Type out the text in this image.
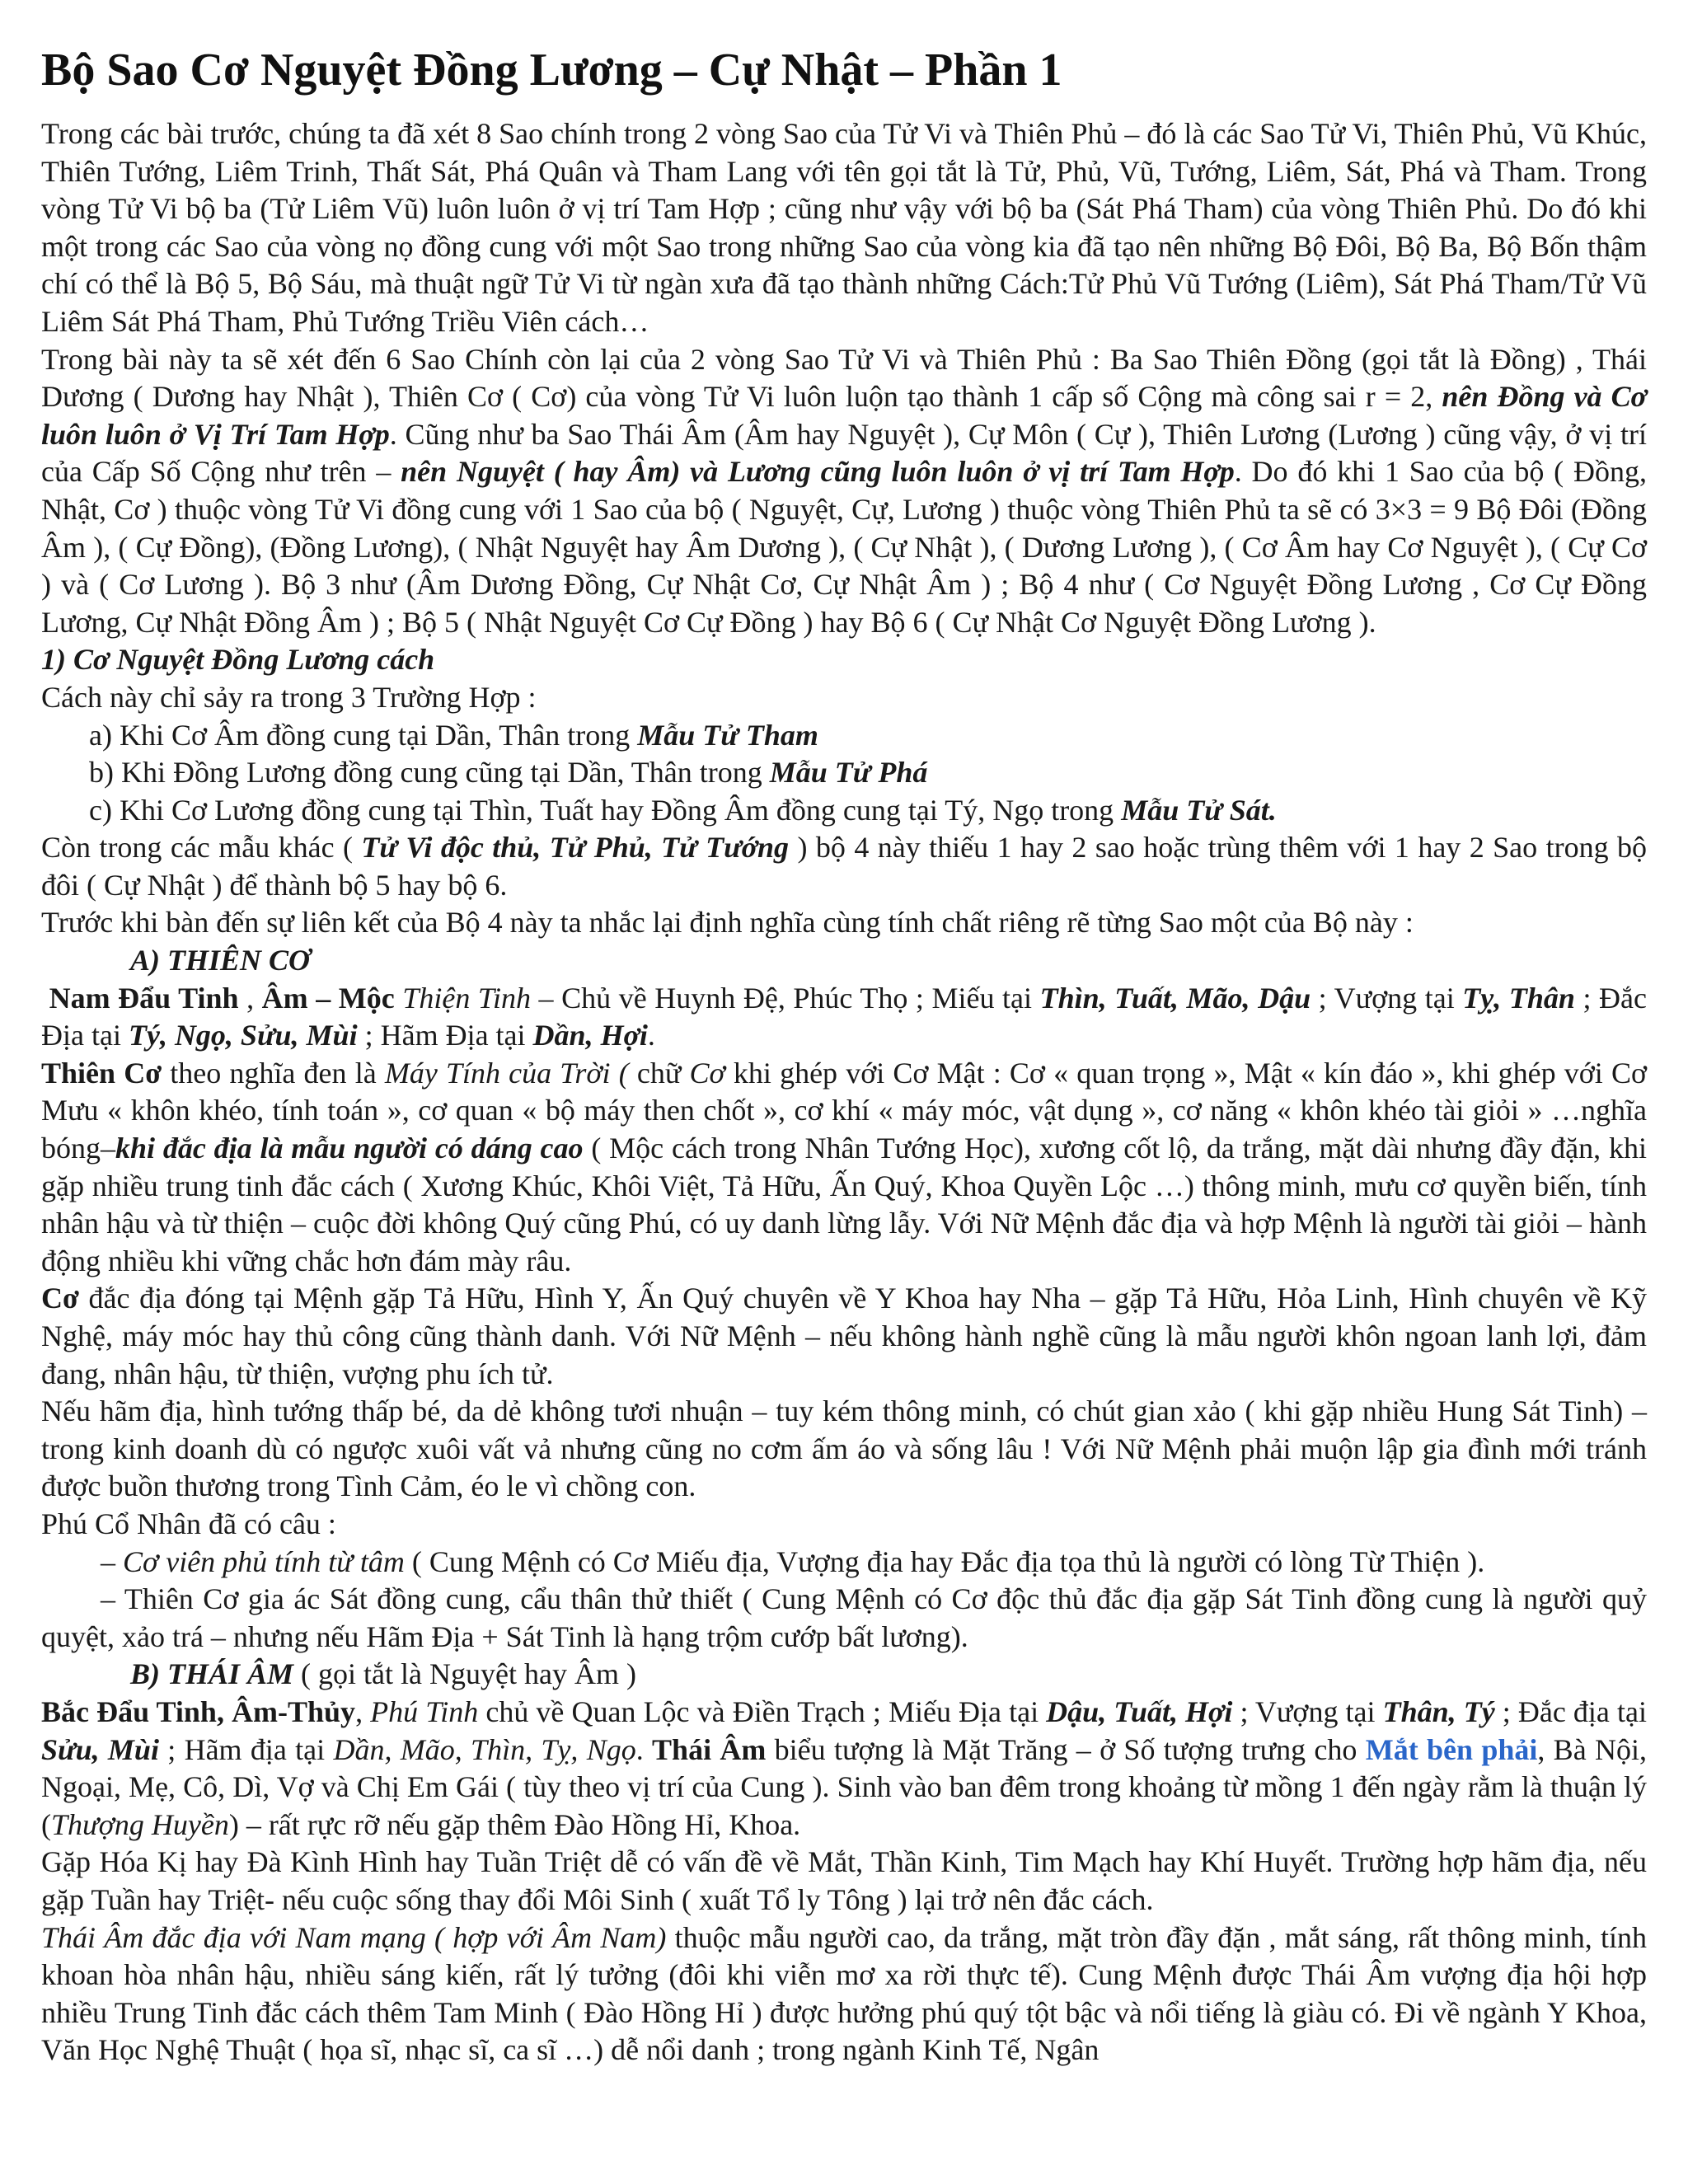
Bộ Sao Cơ Nguyệt Đồng Lương – Cự Nhật – Phần 1

Trong các bài trước, chúng ta đã xét 8 Sao chính trong 2 vòng Sao của Tử Vi và Thiên Phủ – đó là các Sao Tử Vi, Thiên Phủ, Vũ Khúc, Thiên Tướng, Liêm Trinh, Thất Sát, Phá Quân và Tham Lang với tên gọi tắt là Tử, Phủ, Vũ, Tướng, Liêm, Sát, Phá và Tham. Trong vòng Tử Vi bộ ba (Tử Liêm Vũ) luôn luôn ở vị trí Tam Hợp ; cũng như vậy với bộ ba (Sát Phá Tham) của vòng Thiên Phủ. Do đó khi một trong các Sao của vòng nọ đồng cung với một Sao trong những Sao của vòng kia đã tạo nên những Bộ Đôi, Bộ Ba, Bộ Bốn thậm chí có thể là Bộ 5, Bộ Sáu, mà thuật ngữ Tử Vi từ ngàn xưa đã tạo thành những Cách:Tử Phủ Vũ Tướng (Liêm), Sát Phá Tham/Tử Vũ Liêm Sát Phá Tham, Phủ Tướng Triều Viên cách…

Trong bài này ta sẽ xét đến 6 Sao Chính còn lại của 2 vòng Sao Tử Vi và Thiên Phủ : Ba Sao Thiên Đồng (gọi tắt là Đồng) , Thái Dương ( Dương hay Nhật ), Thiên Cơ ( Cơ) của vòng Tử Vi luôn luộn tạo thành 1 cấp số Cộng mà công sai r = 2, nên Đồng và Cơ luôn luôn ở Vị Trí Tam Hợp. Cũng như ba Sao Thái Âm (Âm hay Nguyệt ), Cự Môn ( Cự ), Thiên Lương (Lương ) cũng vậy, ở vị trí của Cấp Số Cộng như trên – nên Nguyệt ( hay Âm) và Lương cũng luôn luôn ở vị trí Tam Hợp. Do đó khi 1 Sao của bộ ( Đồng, Nhật, Cơ ) thuộc vòng Tử Vi đồng cung với 1 Sao của bộ ( Nguyệt, Cự, Lương ) thuộc vòng Thiên Phủ ta sẽ có 3×3 = 9 Bộ Đôi (Đồng Âm ), ( Cự Đồng), (Đồng Lương), ( Nhật Nguyệt hay Âm Dương ), ( Cự Nhật ), ( Dương Lương ), ( Cơ Âm hay Cơ Nguyệt ), ( Cự Cơ ) và ( Cơ Lương ). Bộ 3 như (Âm Dương Đồng, Cự Nhật Cơ, Cự Nhật Âm ) ; Bộ 4 như ( Cơ Nguyệt Đồng Lương , Cơ Cự Đồng Lương, Cự Nhật Đồng Âm ) ; Bộ 5 ( Nhật Nguyệt Cơ Cự Đồng ) hay Bộ 6 ( Cự Nhật Cơ Nguyệt Đồng Lương ).

1) Cơ Nguyệt Đồng Lương cách

Cách này chỉ sảy ra trong 3 Trường Hợp :

a) Khi Cơ Âm đồng cung tại Dần, Thân trong Mẫu Tử Tham

b) Khi Đồng Lương đồng cung cũng tại Dần, Thân trong Mẫu Tử Phá

c) Khi Cơ Lương đồng cung tại Thìn, Tuất hay Đồng Âm đồng cung tại Tý, Ngọ trong Mẫu Tử Sát.

Còn trong các mẫu khác ( Tử Vi độc thủ, Tử Phủ, Tử Tướng ) bộ 4 này thiếu 1 hay 2 sao hoặc trùng thêm với 1 hay 2 Sao trong bộ đôi ( Cự Nhật ) để thành bộ 5 hay bộ 6.

Trước khi bàn đến sự liên kết của Bộ 4 này ta nhắc lại định nghĩa cùng tính chất riêng rẽ từng Sao một của Bộ này :

A) THIÊN CƠ

Nam Đẩu Tinh , Âm – Mộc Thiện Tinh – Chủ về Huynh Đệ, Phúc Thọ ; Miếu tại Thìn, Tuất, Mão, Dậu ; Vượng tại Tỵ, Thân ; Đắc Địa tại Tý, Ngọ, Sửu, Mùi ; Hãm Địa tại Dần, Hợi.

Thiên Cơ theo nghĩa đen là Máy Tính của Trời ( chữ Cơ khi ghép với Cơ Mật : Cơ « quan trọng », Mật « kín đáo », khi ghép với Cơ Mưu « khôn khéo, tính toán », cơ quan « bộ máy then chốt », cơ khí « máy móc, vật dụng », cơ năng « khôn khéo tài giỏi » …nghĩa bóng–khi đắc địa là mẫu người có dáng cao ( Mộc cách trong Nhân Tướng Học), xương cốt lộ, da trắng, mặt dài nhưng đầy đặn, khi gặp nhiều trung tinh đắc cách ( Xương Khúc, Khôi Việt, Tả Hữu, Ấn Quý, Khoa Quyền Lộc …) thông minh, mưu cơ quyền biến, tính nhân hậu và từ thiện – cuộc đời không Quý cũng Phú, có uy danh lừng lẫy. Với Nữ Mệnh đắc địa và hợp Mệnh là người tài giỏi – hành động nhiều khi vững chắc hơn đám mày râu.

Cơ đắc địa đóng tại Mệnh gặp Tả Hữu, Hình Y, Ấn Quý chuyên về Y Khoa hay Nha – gặp Tả Hữu, Hỏa Linh, Hình chuyên về Kỹ Nghệ, máy móc hay thủ công cũng thành danh. Với Nữ Mệnh – nếu không hành nghề cũng là mẫu người khôn ngoan lanh lợi, đảm đang, nhân hậu, từ thiện, vượng phu ích tử.

Nếu hãm địa, hình tướng thấp bé, da dẻ không tươi nhuận – tuy kém thông minh, có chút gian xảo ( khi gặp nhiều Hung Sát Tinh) – trong kinh doanh dù có ngược xuôi vất vả nhưng cũng no cơm ấm áo và sống lâu ! Với Nữ Mệnh phải muộn lập gia đình mới tránh được buồn thương trong Tình Cảm, éo le vì chồng con.

Phú Cổ Nhân đã có câu :

– Cơ viên phủ tính từ tâm ( Cung Mệnh có Cơ Miếu địa, Vượng địa hay Đắc địa tọa thủ là người có lòng Từ Thiện ).

– Thiên Cơ gia ác Sát đồng cung, cẩu thân thử thiết ( Cung Mệnh có Cơ độc thủ đắc địa gặp Sát Tinh đồng cung là người quỷ quyệt, xảo trá – nhưng nếu Hãm Địa + Sát Tinh là hạng trộm cướp bất lương).

B) THÁI ÂM ( gọi tắt là Nguyệt hay Âm )

Bắc Đẩu Tinh, Âm-Thủy, Phú Tinh chủ về Quan Lộc và Điền Trạch ; Miếu Địa tại Dậu, Tuất, Hợi ; Vượng tại Thân, Tý ; Đắc địa tại Sửu, Mùi ; Hãm địa tại Dần, Mão, Thìn, Tỵ, Ngọ. Thái Âm biểu tượng là Mặt Trăng – ở Số tượng trưng cho Mắt bên phải, Bà Nội, Ngoại, Mẹ, Cô, Dì, Vợ và Chị Em Gái ( tùy theo vị trí của Cung ). Sinh vào ban đêm trong khoảng từ mồng 1 đến ngày rằm là thuận lý (Thượng Huyền) – rất rực rỡ nếu gặp thêm Đào Hồng Hỉ, Khoa.

Gặp Hóa Kị hay Đà Kình Hình hay Tuần Triệt dễ có vấn đề về Mắt, Thần Kinh, Tim Mạch hay Khí Huyết. Trường hợp hãm địa, nếu gặp Tuần hay Triệt- nếu cuộc sống thay đổi Môi Sinh ( xuất Tổ ly Tông ) lại trở nên đắc cách.

Thái Âm đắc địa với Nam mạng ( hợp với Âm Nam) thuộc mẫu người cao, da trắng, mặt tròn đầy đặn , mắt sáng, rất thông minh, tính khoan hòa nhân hậu, nhiều sáng kiến, rất lý tưởng (đôi khi viễn mơ xa rời thực tế). Cung Mệnh được Thái Âm vượng địa hội hợp nhiều Trung Tinh đắc cách thêm Tam Minh ( Đào Hồng Hỉ ) được hưởng phú quý tột bậc và nổi tiếng là giàu có. Đi về ngành Y Khoa, Văn Học Nghệ Thuật ( họa sĩ, nhạc sĩ, ca sĩ …) dễ nổi danh ; trong ngành Kinh Tế, Ngân
